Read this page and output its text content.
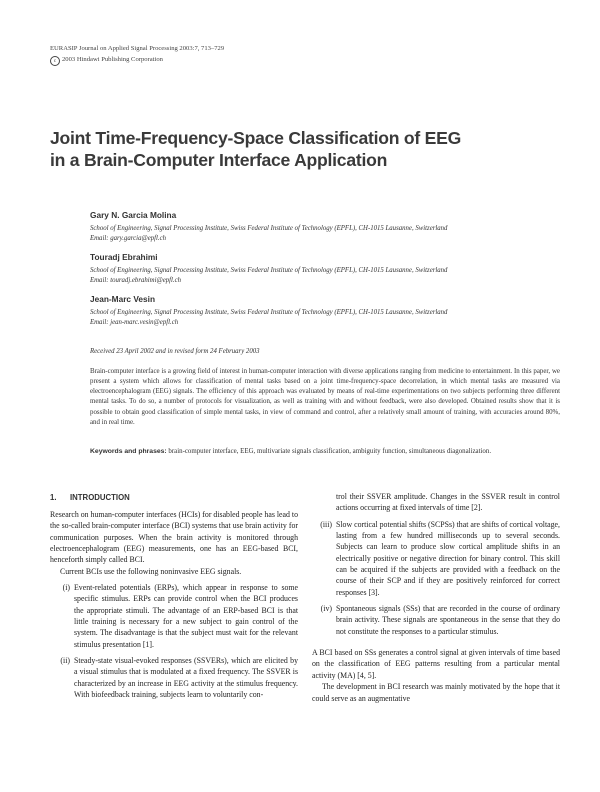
EURASIP Journal on Applied Signal Processing 2003:7, 713–729
c 2003 Hindawi Publishing Corporation
Joint Time-Frequency-Space Classification of EEG
in a Brain-Computer Interface Application
Gary N. Garcia Molina
School of Engineering, Signal Processing Institute, Swiss Federal Institute of Technology (EPFL), CH-1015 Lausanne, Switzerland
Email: gary.garcia@epfl.ch
Touradj Ebrahimi
School of Engineering, Signal Processing Institute, Swiss Federal Institute of Technology (EPFL), CH-1015 Lausanne, Switzerland
Email: touradj.ebrahimi@epfl.ch
Jean-Marc Vesin
School of Engineering, Signal Processing Institute, Swiss Federal Institute of Technology (EPFL), CH-1015 Lausanne, Switzerland
Email: jean-marc.vesin@epfl.ch
Received 23 April 2002 and in revised form 24 February 2003
Brain-computer interface is a growing field of interest in human-computer interaction with diverse applications ranging from medicine to entertainment. In this paper, we present a system which allows for classification of mental tasks based on a joint time-frequency-space decorrelation, in which mental tasks are measured via electroencephalogram (EEG) signals. The efficiency of this approach was evaluated by means of real-time experimentations on two subjects performing three different mental tasks. To do so, a number of protocols for visualization, as well as training with and without feedback, were also developed. Obtained results show that it is possible to obtain good classification of simple mental tasks, in view of command and control, after a relatively small amount of training, with accuracies around 80%, and in real time.
Keywords and phrases: brain-computer interface, EEG, multivariate signals classification, ambiguity function, simultaneous diagonalization.
1. INTRODUCTION

Research on human-computer interfaces (HCIs) for disabled people has lead to the so-called brain-computer interface (BCI) systems that use brain activity for communication purposes. When the brain activity is monitored through electroencephalogram (EEG) measurements, one has an EEG-based BCI, henceforth simply called BCI.

Current BCIs use the following noninvasive EEG signals.

(i) Event-related potentials (ERPs), which appear in response to some specific stimulus. ERPs can provide control when the BCI produces the appropriate stimuli. The advantage of an ERP-based BCI is that little training is necessary for a new subject to gain control of the system. The disadvantage is that the subject must wait for the relevant stimulus presentation [1].
(ii) Steady-state visual-evoked responses (SSVERs), which are elicited by a visual stimulus that is modulated at a fixed frequency. The SSVER is characterized by an increase in EEG activity at the stimulus frequency. With biofeedback training, subjects learn to voluntarily con-

trol their SSVER amplitude. Changes in the SSVER result in control actions occurring at fixed intervals of time [2].

(iii) Slow cortical potential shifts (SCPSs) that are shifts of cortical voltage, lasting from a few hundred milliseconds up to several seconds. Subjects can learn to produce slow cortical amplitude shifts in an electrically positive or negative direction for binary control. This skill can be acquired if the subjects are provided with a feedback on the course of their SCP and if they are positively reinforced for correct responses [3].
(iv) Spontaneous signals (SSs) that are recorded in the course of ordinary brain activity. These signals are spontaneous in the sense that they do not constitute the responses to a particular stimulus.

A BCI based on SSs generates a control signal at given intervals of time based on the classification of EEG patterns resulting from a particular mental activity (MA) [4, 5].

The development in BCI research was mainly motivated by the hope that it could serve as an augmentative
